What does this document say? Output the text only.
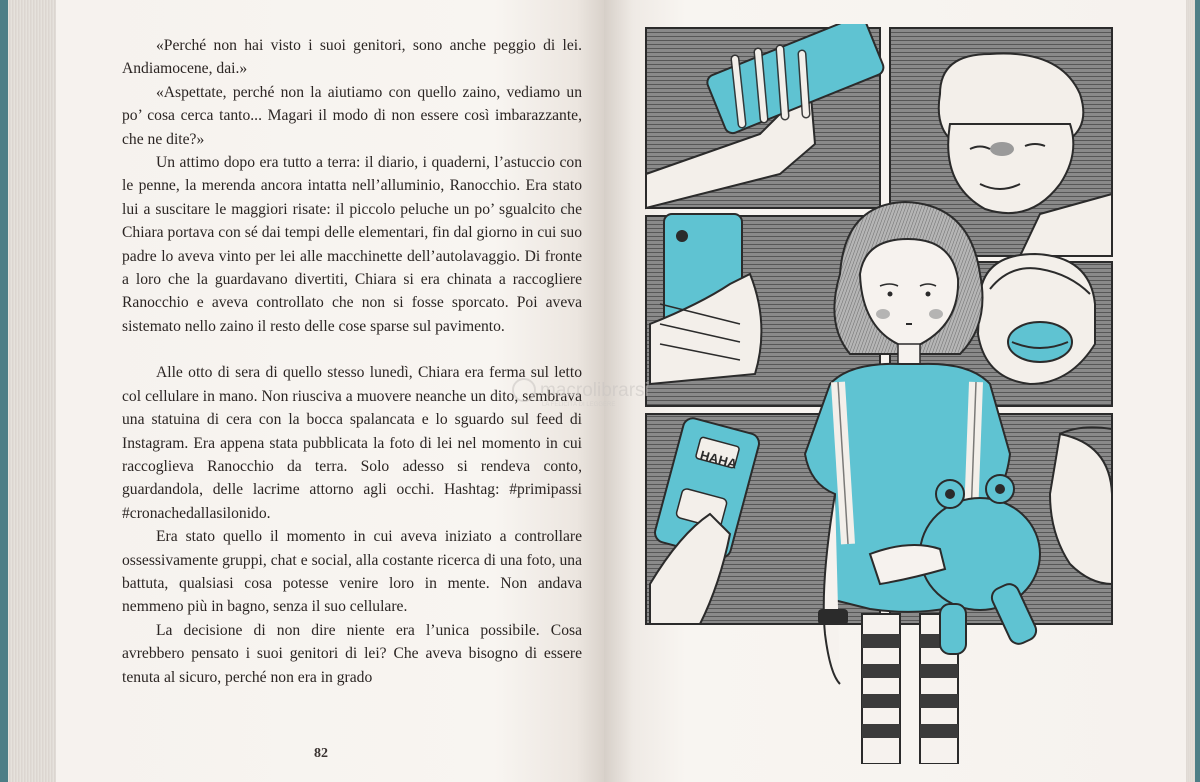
«Perché non hai visto i suoi genitori, sono anche peggio di lei. Andiamocene, dai.»

«Aspettate, perché non la aiutiamo con quello zaino, vediamo un po’ cosa cerca tanto... Magari il modo di non essere così imbarazzante, che ne dite?»

Un attimo dopo era tutto a terra: il diario, i quaderni, l’astuccio con le penne, la merenda ancora intatta nell’alluminio, Ranocchio. Era stato lui a suscitare le maggiori risate: il piccolo peluche un po’ sgualcito che Chiara portava con sé dai tempi delle elementari, fin dal giorno in cui suo padre lo aveva vinto per lei alle macchinette dell’autolavaggio. Di fronte a loro che la guardavano divertiti, Chiara si era chinata a raccogliere Ranocchio e aveva controllato che non si fosse sporcato. Poi aveva sistemato nello zaino il resto delle cose sparse sul pavimento.

Alle otto di sera di quello stesso lunedì, Chiara era ferma sul letto col cellulare in mano. Non riusciva a muovere neanche un dito, sembrava una statuina di cera con la bocca spalancata e lo sguardo sul feed di Instagram. Era appena stata pubblicata la foto di lei nel momento in cui raccoglieva Ranocchio da terra. Solo adesso si rendeva conto, guardandola, delle lacrime attorno agli occhi. Hashtag: #primipassi #cronachedallasilonido.

Era stato quello il momento in cui aveva iniziato a controllare ossessivamente gruppi, chat e social, alla costante ricerca di una foto, una battuta, qualsiasi cosa potesse venire loro in mente. Non andava nemmeno più in bagno, senza il suo cellulare.

La decisione di non dire niente era l’unica possibile. Cosa avrebbero pensato i suoi genitori di lei? Che aveva bisogno di essere tenuta al sicuro, perché non era in grado

82
HAHA
macrolibrarsi
LA FELICITÀ DI LEGGERE
